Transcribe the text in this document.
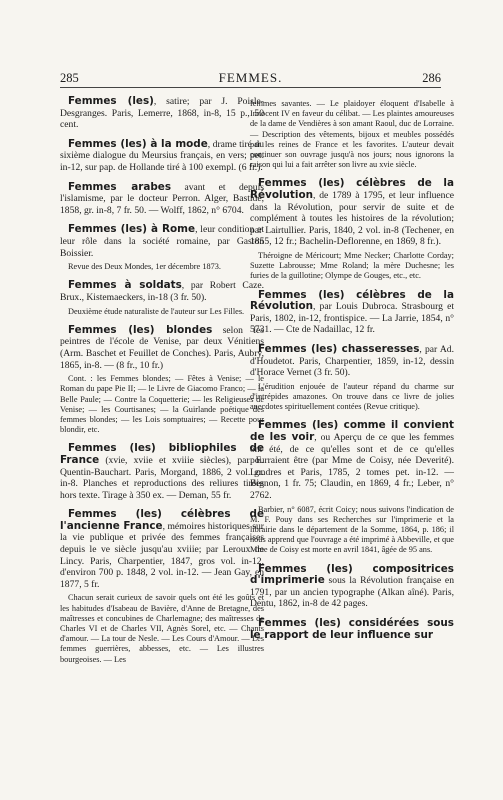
285	FEMMES.	286
Femmes (les), satire; par J. Poisle-Desgranges. Paris, Lemerre, 1868, in-8, 15 p., 50 cent.
Femmes (les) à la mode, drame tiré du sixième dialogue du Meursius français, en vers; pet. in-12, sur pap. de Hollande tiré à 100 exempl. (6 fr.).
Femmes arabes avant et depuis l'islamisme, par le docteur Perron. Alger, Bastide, 1858, gr. in-8, 7 fr. 50. — Wolff, 1862, n° 6704.
Femmes (les) à Rome, leur condition et leur rôle dans la société romaine, par Gaston Boissier.
Revue des Deux Mondes, 1er décembre 1873.
Femmes à soldats, par Robert Caze. Brux., Kistemaeckers, in-18 (3 fr. 50).
Deuxième étude naturaliste de l'auteur sur Les Filles.
Femmes (les) blondes selon les peintres de l'école de Venise, par deux Vénitiens (Arm. Baschet et Feuillet de Conches). Paris, Aubry, 1865, in-8. — (8 fr., 10 fr.)
Cont. : les Femmes blondes; — Fêtes à Venise; — le Roman du pape Pie II; — le Livre de Giacomo Franco; — la Belle Paule; — Contre la Coquetterie; — les Religieuses de Venise; — les Courtisanes; — la Guirlande poétique des femmes blondes; — les Lois somptuaires; — Recette pour blondir, etc.
Femmes (les) bibliophiles de France (xvie, xviie et xviiie siècles), par E. Quentin-Bauchart. Paris, Morgand, 1886, 2 vol. gr. in-8. Planches et reproductions des reliures tirées hors texte. Tirage à 350 ex. — Deman, 55 fr.
Femmes (les) célèbres de l'ancienne France, mémoires historiques sur la vie publique et privée des femmes françaises depuis le ve siècle jusqu'au xviiie; par Leroux de Lincy. Paris, Charpentier, 1847, gros vol. in-12, d'environ 700 p. 1848, 2 vol. in-12. — Jean Gay, en 1877, 5 fr.
Chacun serait curieux de savoir quels ont été les goûts et les habitudes d'Isabeau de Bavière, d'Anne de Bretagne, des maîtresses et concubines de Charlemagne; des maîtresses de Charles VI et de Charles VII, Agnès Sorel, etc. — Chants d'amour. — La tour de Nesle. — Les Cours d'Amour. — Les femmes guerrières, abbesses, etc. — Les illustres bourgeoises. — Les
femmes savantes. — Le plaidoyer éloquent d'Isabelle à Innocent IV en faveur du célibat. — Les plaintes amoureuses de la dame de Vendières à son amant Raoul, duc de Lorraine. — Description des vêtements, bijoux et meubles possédés par les reines de France et les favorites. L'auteur devait continuer son ouvrage jusqu'à nos jours; nous ignorons la raison qui lui a fait arrêter son livre au xvie siècle.
Femmes (les) célèbres de la Révolution, de 1789 à 1795, et leur influence dans la Révolution, pour servir de suite et de complément à toutes les histoires de la révolution; par Lairtullier. Paris, 1840, 2 vol. in-8 (Techener, en 1855, 12 fr.; Bachelin-Deflorenne, en 1869, 8 fr.).
Théroigne de Méricourt; Mme Necker; Charlotte Corday; Suzette Labrousse; Mme Roland; la mère Duchesne; les furies de la guillotine; Olympe de Gouges, etc., etc.
Femmes (les) célèbres de la Révolution, par Louis Dubroca. Strasbourg et Paris, 1802, in-12, frontispice. — La Jarrie, 1854, n° 5731. — Cte de Nadaillac, 12 fr.
Femmes (les) chasseresses, par Ad. d'Houdetot. Paris, Charpentier, 1859, in-12, dessin d'Horace Vernet (3 fr. 50).
L'érudition enjouée de l'auteur répand du charme sur d'intrépides amazones. On trouve dans ce livre de jolies anecdotes spirituellement contées (Revue critique).
Femmes (les) comme il convient de les voir, ou Aperçu de ce que les femmes ont été, de ce qu'elles sont et de ce qu'elles pourraient être (par Mme de Coisy, née Deverité). Londres et Paris, 1785, 2 tomes pet. in-12. — Bignon, 1 fr. 75; Claudin, en 1869, 4 fr.; Leber, n° 2762.
Barbier, n° 6087, écrit Coicy; nous suivons l'indication de M. F. Pouy dans ses Recherches sur l'imprimerie et la librairie dans le département de la Somme, 1864, p. 186; il nous apprend que l'ouvrage a été imprimé à Abbeville, et que Mme de Coisy est morte en avril 1841, âgée de 95 ans.
Femmes (les) compositrices d'imprimerie sous la Révolution française en 1791, par un ancien typographe (Alkan aîné). Paris, Dentu, 1862, in-8 de 42 pages.
Femmes (les) considérées sous le rapport de leur influence sur
